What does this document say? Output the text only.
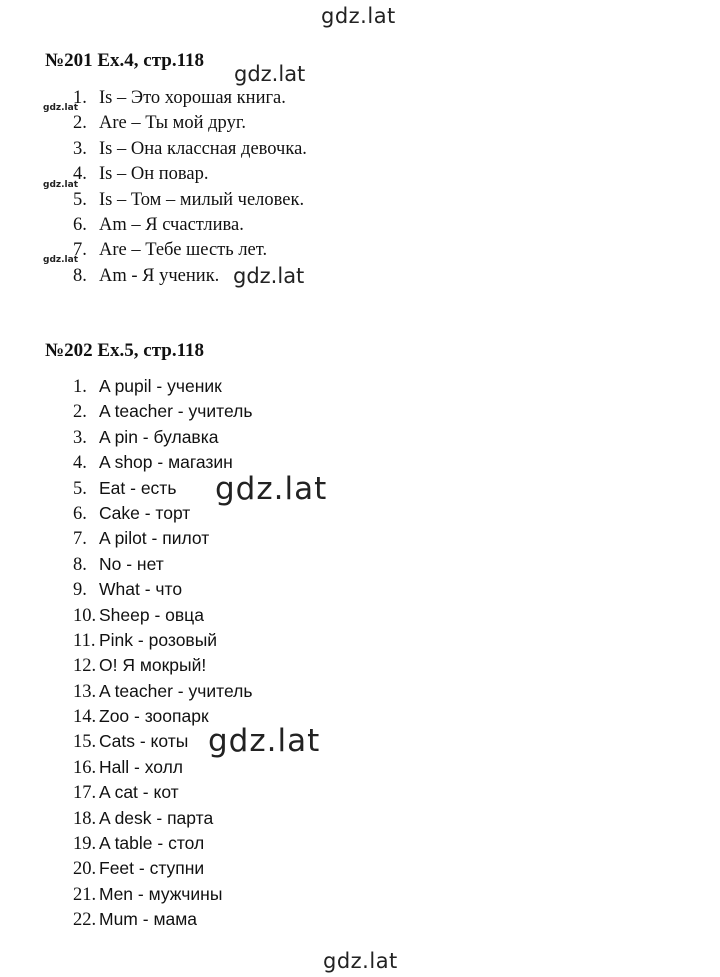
gdz.lat
№201 Ex.4, стр.118
1. Is – Это хорошая книга.
2. Are – Ты мой друг.
3. Is – Она классная девочка.
4. Is – Он повар.
5. Is – Том – милый человек.
6. Am – Я счастлива.
7. Are – Тебе шесть лет.
8. Am - Я ученик.
№202 Ex.5, стр.118
1. A pupil - ученик
2. A teacher - учитель
3. A pin - булавка
4. A shop - магазин
5. Eat - есть
6. Cake - торт
7. A pilot - пилот
8. No - нет
9. What - что
10. Sheep - овца
11. Pink - розовый
12. O! Я мокрый!
13. A teacher - учитель
14. Zoo - зоопарк
15. Cats - коты
16. Hall - холл
17. A cat - кот
18. A desk - парта
19. A table - стол
20. Feet - ступни
21. Men - мужчины
22. Mum - мама
gdz.lat
gdz.lat
gdz.lat
gdz.lat
gdz.lat
gdz.lat
gdz.lat
gdz.lat
